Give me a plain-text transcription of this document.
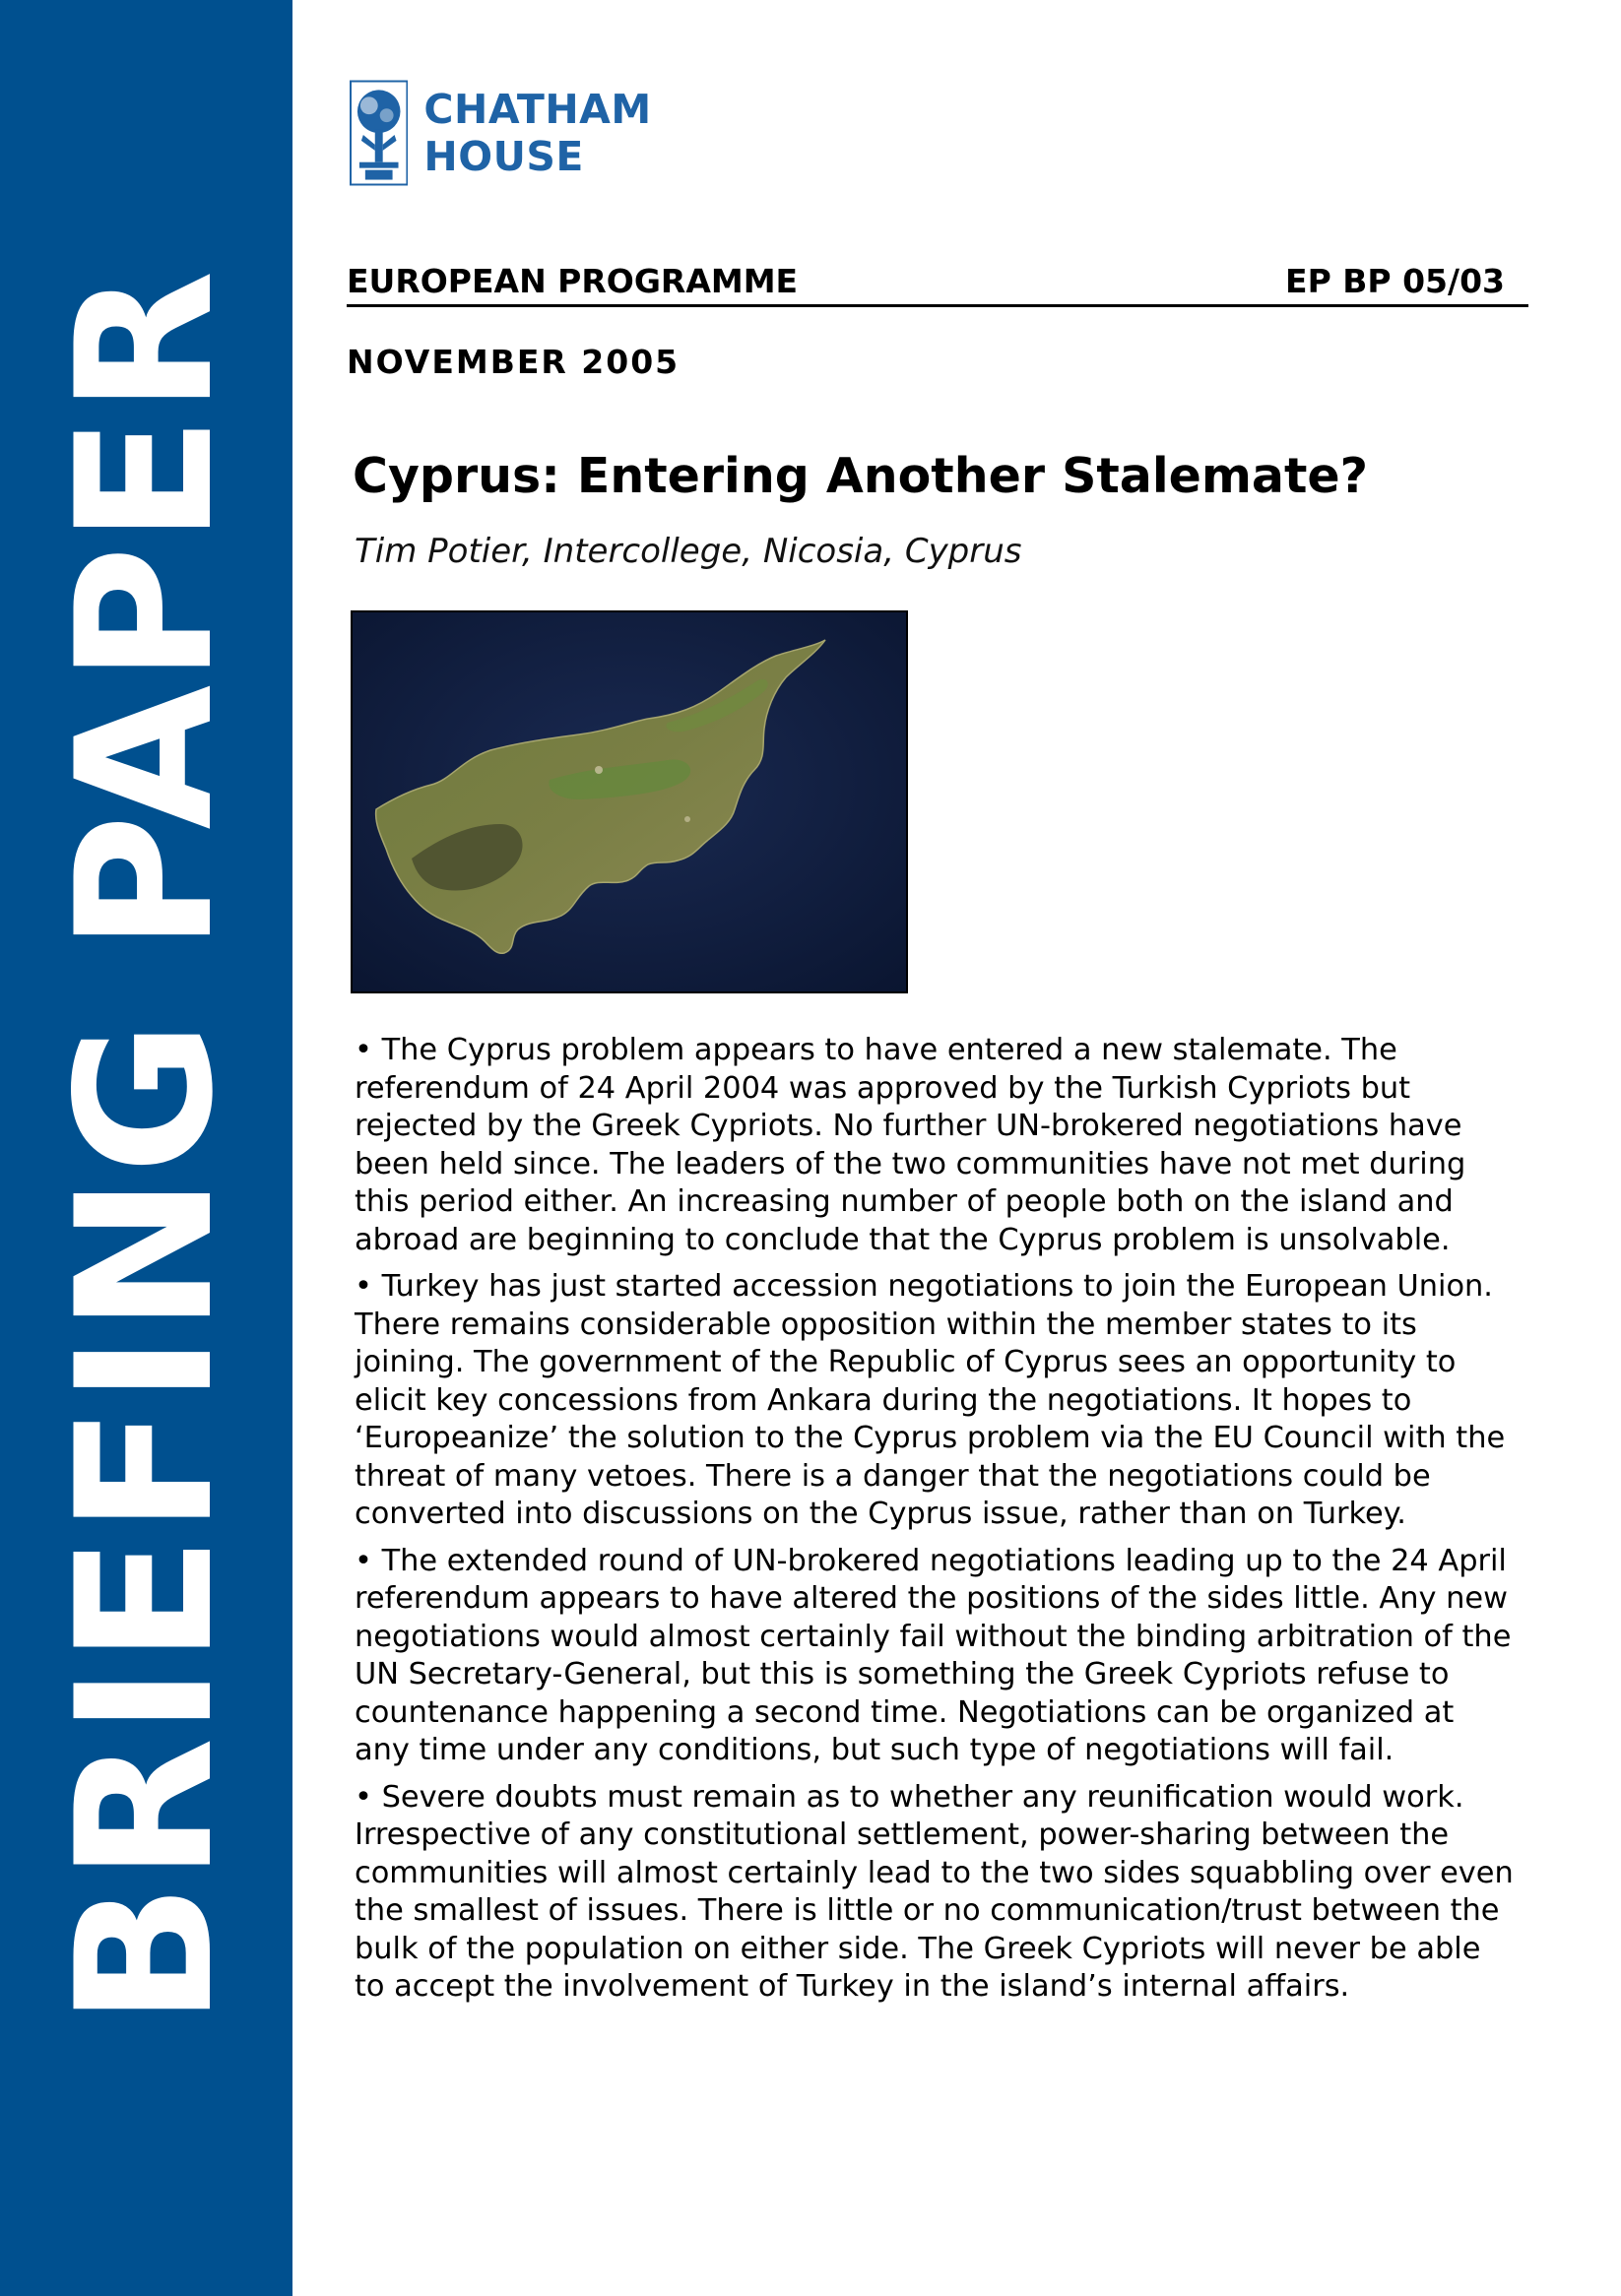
BRIEFING PAPER
CHATHAM HOUSE
EUROPEAN PROGRAMME	EP BP 05/03
NOVEMBER 2005
Cyprus: Entering Another Stalemate?
Tim Potier, Intercollege, Nicosia, Cyprus

• The Cyprus problem appears to have entered a new stalemate. The referendum of 24 April 2004 was approved by the Turkish Cypriots but rejected by the Greek Cypriots. No further UN-brokered negotiations have been held since. The leaders of the two communities have not met during this period either. An increasing number of people both on the island and abroad are beginning to conclude that the Cyprus problem is unsolvable.

• Turkey has just started accession negotiations to join the European Union. There remains considerable opposition within the member states to its joining. The government of the Republic of Cyprus sees an opportunity to elicit key concessions from Ankara during the negotiations. It hopes to ‘Europeanize’ the solution to the Cyprus problem via the EU Council with the threat of many vetoes. There is a danger that the negotiations could be converted into discussions on the Cyprus issue, rather than on Turkey.

• The extended round of UN-brokered negotiations leading up to the 24 April referendum appears to have altered the positions of the sides little. Any new negotiations would almost certainly fail without the binding arbitration of the UN Secretary-General, but this is something the Greek Cypriots refuse to countenance happening a second time. Negotiations can be organized at any time under any conditions, but such type of negotiations will fail.

• Severe doubts must remain as to whether any reunification would work. Irrespective of any constitutional settlement, power-sharing between the communities will almost certainly lead to the two sides squabbling over even the smallest of issues. There is little or no communication/trust between the bulk of the population on either side. The Greek Cypriots will never be able to accept the involvement of Turkey in the island’s internal affairs.
